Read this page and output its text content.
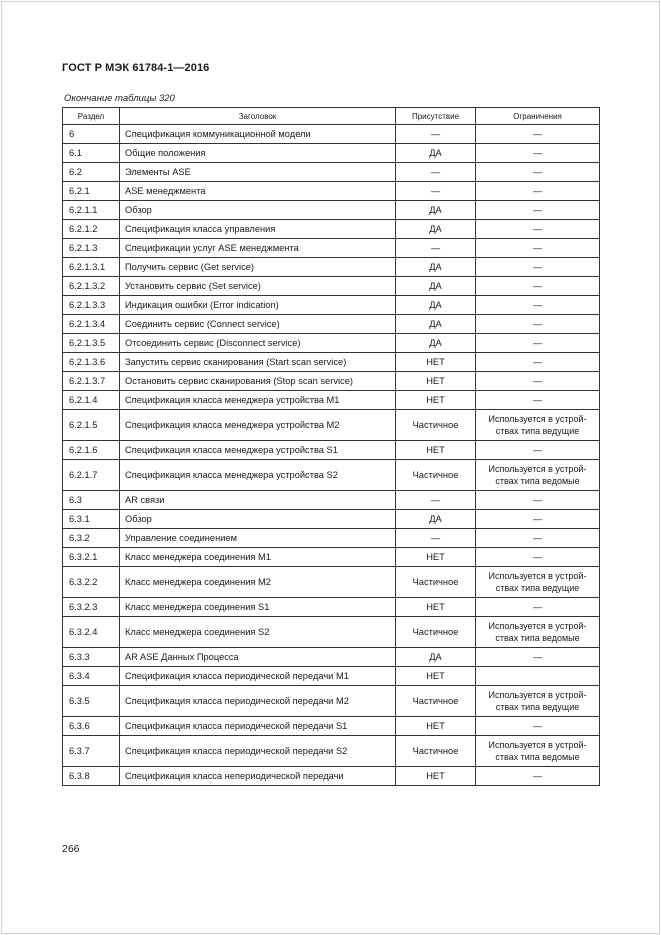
ГОСТ Р МЭК 61784-1—2016
Окончание таблицы 320
Раздел	Заголовок	Присутствие	Ограничения
6	Спецификация коммуникационной модели	—	—

6.1	Общие положения	ДА	—

6.2	Элементы ASE	—	—

6.2.1	ASE менеджмента	—	—

6.2.1.1	Обзор	ДА	—

6.2.1.2	Спецификация класса управления	ДА	—

6.2.1.3	Спецификации услуг ASE менеджмента	—	—

6.2.1.3.1	Получить сервис (Get service)	ДА	—

6.2.1.3.2	Установить сервис (Set service)	ДА	—

6.2.1.3.3	Индикация ошибки (Error indication)	ДА	—

6.2.1.3.4	Соединить сервис (Connect service)	ДА	—

6.2.1.3.5	Отсоединить сервис (Disconnect service)	ДА	—

6.2.1.3.6	Запустить сервис сканирования (Start scan service)	НЕТ	—

6.2.1.3.7	Остановить сервис сканирования (Stop scan service)	НЕТ	—

6.2.1.4	Спецификация класса менеджера устройства M1	НЕТ	—

6.2.1.5	Спецификация класса менеджера устройства M2	Частичное	Используется в устрой-
ствах типа ведущие

6.2.1.6	Спецификация класса менеджера устройства S1	НЕТ	—

6.2.1.7	Спецификация класса менеджера устройства S2	Частичное	Используется в устрой-
ствах типа ведомые

6.3	AR связи	—	—

6.3.1	Обзор	ДА	—

6.3.2	Управление соединением	—	—

6.3.2.1	Класс менеджера соединения M1	НЕТ	—

6.3.2.2	Класс менеджера соединения M2	Частичное	Используется в устрой-
ствах типа ведущие

6.3.2.3	Класс менеджера соединения S1	НЕТ	—

6.3.2.4	Класс менеджера соединения S2	Частичное	Используется в устрой-
ствах типа ведомые

6.3.3	AR ASE Данных Процесса	ДА	—

6.3.4	Спецификация класса периодической передачи M1	НЕТ	

6.3.5	Спецификация класса периодической передачи M2	Частичное	Используется в устрой-
ствах типа ведущие

6.3.6	Спецификация класса периодической передачи S1	НЕТ	—

6.3.7	Спецификация класса периодической передачи S2	Частичное	Используется в устрой-
ствах типа ведомые

6.3.8	Спецификация класса непериодической передачи	НЕТ	—
266
